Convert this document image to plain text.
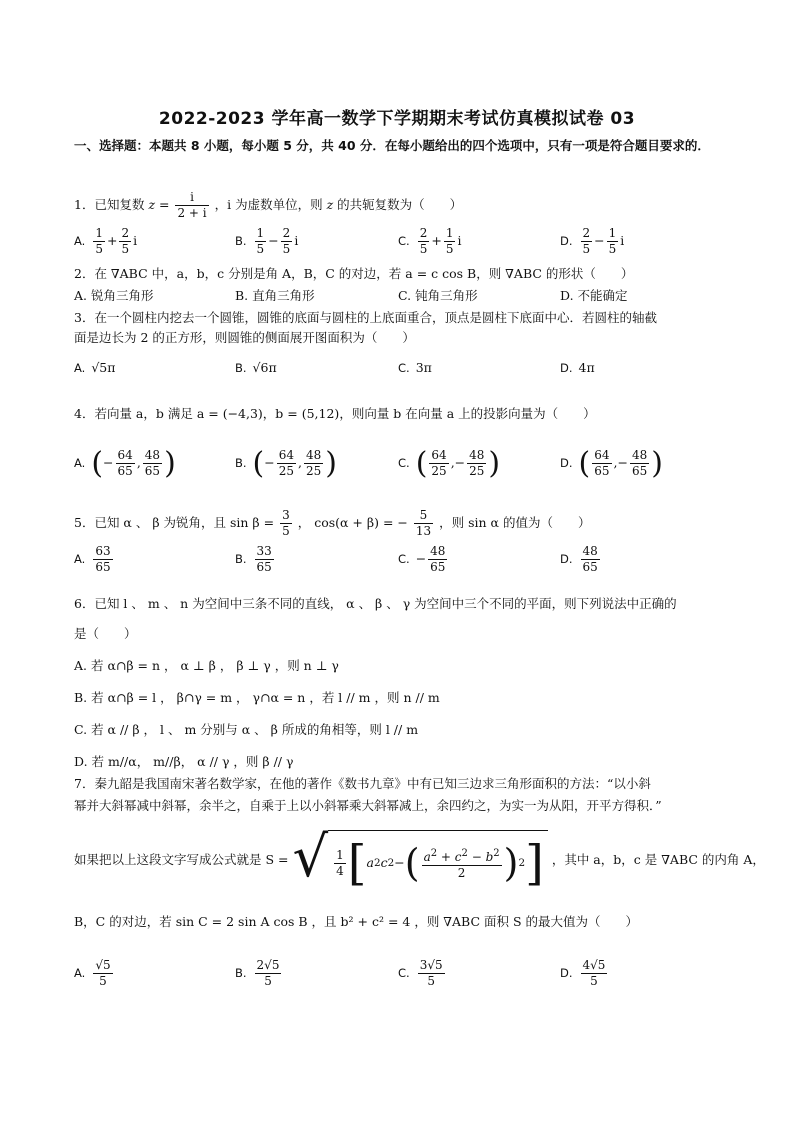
2022-2023 学年高一数学下学期期末考试仿真模拟试卷 03
一、选择题：本题共 8 小题，每小题 5 分，共 40 分．在每小题给出的四个选项中，只有一项是符合题目要求的．
1．已知复数 $z = \frac{i}{2 + i}$ ，i 为虚数单位，则 z 的共轭复数为（　　）
A. $\frac{1}{5} + \frac{2}{5}$ i	B. $\frac{1}{5} - \frac{2}{5}$ i	C. $\frac{2}{5} + \frac{1}{5}$ i	D. $\frac{2}{5} - \frac{1}{5}$ i
2．在 ∇ABC 中，a，b，c 分别是角 A，B，C 的对边，若 a = c cos B，则 ∇ABC 的形状（　　）
A. 锐角三角形	B. 直角三角形	C. 钝角三角形	D. 不能确定
3．在一个圆柱内挖去一个圆锥，圆锥的底面与圆柱的上底面重合，顶点是圆柱下底面中心．若圆柱的轴截
面是边长为 2 的正方形，则圆锥的侧面展开图面积为（　　）
A. √5π	B. √6π	C. 3π	D. 4π
4．若向量 a，b 满足 a = (−4,3)，b = (5,12)，则向量 b 在向量 a 上的投影向量为（　　）
A. (− $\frac{64}{65}$ , $\frac{48}{65}$ )	B. (− $\frac{64}{25}$ , $\frac{48}{25}$ )	C. ( $\frac{64}{25}$ ,− $\frac{48}{25}$ )	D. ( $\frac{64}{65}$ ,− $\frac{48}{65}$ )
5．已知 α 、 β 为锐角，且 $\sin \beta = \frac{3}{5}$ ， cos(α + β) = − $\frac{5}{13}$ ，则 sin α 的值为（　　）
A. $\frac{63}{65}$	B. $\frac{33}{65}$	C. − $\frac{48}{65}$	D. $\frac{48}{65}$
6．已知 l 、 m 、 n 为空间中三条不同的直线， α 、 β 、 γ 为空间中三个不同的平面，则下列说法中正确的
是（　　）
A. 若 α∩β = n ， α ⊥ β ， β ⊥ γ ，则 n ⊥ γ
B. 若 α∩β = l ， β∩γ = m ， γ∩α = n ，若 l // m ，则 n // m
C. 若 α // β ， l 、 m 分别与 α 、 β 所成的角相等，则 l // m
D. 若 m//α， m//β， α // γ ，则 β // γ
7．秦九韶是我国南宋著名数学家，在他的著作《数书九章》中有已知三边求三角形面积的方法：“以小斜
幂并大斜幂减中斜幂，余半之，自乘于上以小斜幂乘大斜幂减上，余四约之，为实一为从阳，开平方得积．”
如果把以上这段文字写成公式就是 S = √ $\frac{1}{4}$ [ a 2 c 2 − ( $\frac{a^2 + c^2 - b^2}{2}$ ) 2 ] ，其中 a，b，c 是 ∇ABC 的内角 A，
B，C 的对边，若 sin C = 2 sin A cos B ，且 b² + c² = 4 ，则 ∇ABC 面积 S 的最大值为（　　）
A. $\frac{√5}{5}$	B. $\frac{2√5}{5}$	C. $\frac{3√5}{5}$	D. $\frac{4√5}{5}$
